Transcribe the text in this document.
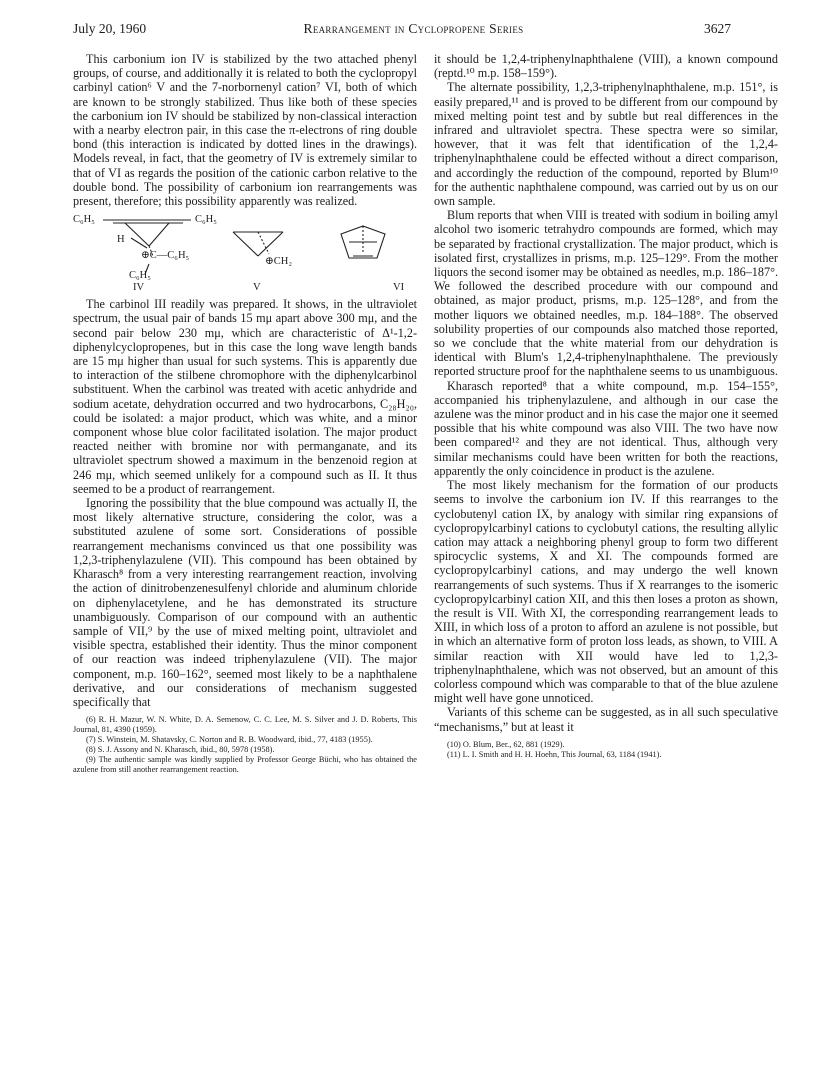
July 20, 1960	Rearrangement in Cyclopropene Series	3627

This carbonium ion IV is stabilized by the two attached phenyl groups, of course, and additionally it is related to both the cyclopropyl carbinyl cation⁶ V and the 7-norbornenyl cation⁷ VI, both of which are known to be strongly stabilized. Thus like both of these species the carbonium ion IV should be stabilized by non-classical interaction with a nearby electron pair, in this case the π-electrons of ring double bond (this interaction is indicated by dotted lines in the drawings). Models reveal, in fact, that the geometry of IV is extremely similar to that of VI as regards the position of the cationic carbon relative to the double bond. The possibility of carbonium ion rearrangements was present, therefore; this possibility apparently was realized.

C₆H₅	C₆H₅
H
⊕C—C₆H₅
C₆H₅
⊕CH₂
IV	V	VI

The carbinol III readily was prepared. It shows, in the ultraviolet spectrum, the usual pair of bands 15 mμ apart above 300 mμ, and the second pair below 230 mμ, which are characteristic of Δ¹-1,2-diphenylcyclopropenes, but in this case the long wave length bands are 15 mμ higher than usual for such systems. This is apparently due to interaction of the stilbene chromophore with the diphenylcarbinol substituent. When the carbinol was treated with acetic anhydride and sodium acetate, dehydration occurred and two hydrocarbons, C₂₈H₂₀, could be isolated: a major product, which was white, and a minor component whose blue color facilitated isolation. The major product reacted neither with bromine nor with permanganate, and its ultraviolet spectrum showed a maximum in the benzenoid region at 246 mμ, which seemed unlikely for a compound such as II. It thus seemed to be a product of rearrangement.

Ignoring the possibility that the blue compound was actually II, the most likely alternative structure, considering the color, was a substituted azulene of some sort. Considerations of possible rearrangement mechanisms convinced us that one possibility was 1,2,3-triphenylazulene (VII). This compound has been obtained by Kharasch⁸ from a very interesting rearrangement reaction, involving the action of dinitrobenzenesulfenyl chloride and aluminum chloride on diphenylacetylene, and he has demonstrated its structure unambiguously. Comparison of our compound with an authentic sample of VII,⁹ by the use of mixed melting point, ultraviolet and visible spectra, established their identity. Thus the minor component of our reaction was indeed triphenylazulene (VII). The major component, m.p. 160–162°, seemed most likely to be a naphthalene derivative, and our considerations of mechanism suggested specifically that

(6) R. H. Mazur, W. N. White, D. A. Semenow, C. C. Lee, M. S. Silver and J. D. Roberts, This Journal, 81, 4390 (1959).

(7) S. Winstein, M. Shatavsky, C. Norton and R. B. Woodward, ibid., 77, 4183 (1955).

(8) S. J. Assony and N. Kharasch, ibid., 80, 5978 (1958).

(9) The authentic sample was kindly supplied by Professor George Büchi, who has obtained the azulene from still another rearrangement reaction.

it should be 1,2,4-triphenylnaphthalene (VIII), a known compound (reptd.¹⁰ m.p. 158–159°).

The alternate possibility, 1,2,3-triphenylnaphthalene, m.p. 151°, is easily prepared,¹¹ and is proved to be different from our compound by mixed melting point test and by subtle but real differences in the infrared and ultraviolet spectra. These spectra were so similar, however, that it was felt that identification of the 1,2,4-triphenylnaphthalene could be effected without a direct comparison, and accordingly the reduction of the compound, reported by Blum¹⁰ for the authentic naphthalene compound, was carried out by us on our own sample.

Blum reports that when VIII is treated with sodium in boiling amyl alcohol two isomeric tetrahydro compounds are formed, which may be separated by fractional crystallization. The major product, which is isolated first, crystallizes in prisms, m.p. 125–129°. From the mother liquors the second isomer may be obtained as needles, m.p. 186–187°. We followed the described procedure with our compound and obtained, as major product, prisms, m.p. 125–128°, and from the mother liquors we obtained needles, m.p. 184–188°. The observed solubility properties of our compounds also matched those reported, so we conclude that the white material from our dehydration is identical with Blum's 1,2,4-triphenylnaphthalene. The previously reported structure proof for the naphthalene seems to us unambiguous.

Kharasch reported⁸ that a white compound, m.p. 154–155°, accompanied his triphenylazulene, and although in our case the azulene was the minor product and in his case the major one it seemed possible that his white compound was also VIII. The two have now been compared¹² and they are not identical. Thus, although very similar mechanisms could have been written for both the reactions, apparently the only coincidence in product is the azulene.

The most likely mechanism for the formation of our products seems to involve the carbonium ion IV. If this rearranges to the cyclobutenyl cation IX, by analogy with similar ring expansions of cyclopropylcarbinyl cations to cyclobutyl cations, the resulting allylic cation may attack a neighboring phenyl group to form two different spirocyclic systems, X and XI. The compounds formed are cyclopropylcarbinyl cations, and may undergo the well known rearrangements of such systems. Thus if X rearranges to the isomeric cyclopropylcarbinyl cation XII, and this then loses a proton as shown, the result is VII. With XI, the corresponding rearrangement leads to XIII, in which loss of a proton to afford an azulene is not possible, but in which an alternative form of proton loss leads, as shown, to VIII. A similar reaction with XII would have led to 1,2,3-triphenylnaphthalene, which was not observed, but an amount of this colorless compound which was comparable to that of the blue azulene might well have gone unnoticed.

Variants of this scheme can be suggested, as in all such speculative “mechanisms,” but at least it

(10) O. Blum, Ber., 62, 881 (1929).

(11) L. I. Smith and H. H. Hoehn, This Journal, 63, 1184 (1941).
